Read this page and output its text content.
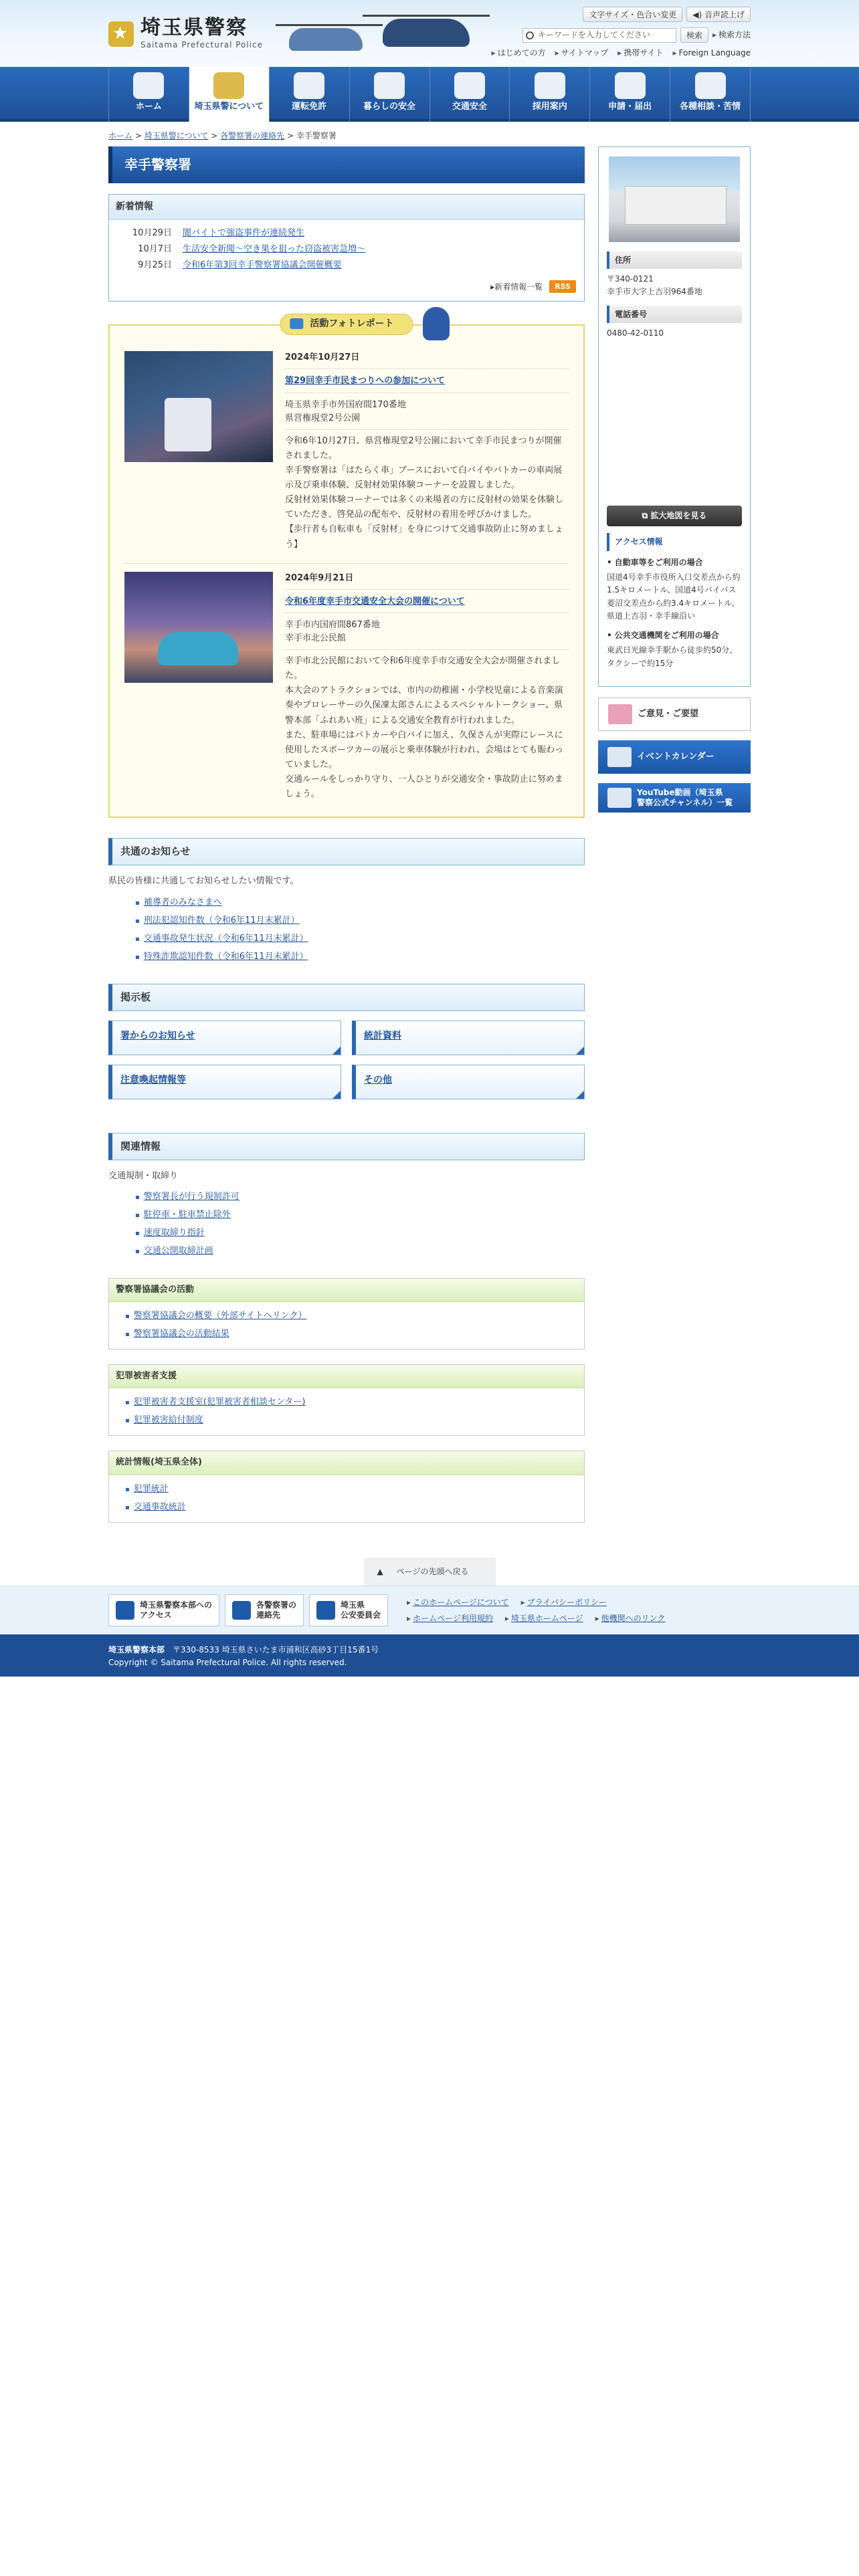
★
埼玉県警察
Saitama Prefectural Police
文字サイズ・色合い変更	◀) 音声読上げ
キーワードを入力してください	検索	▸ 検索方法
▸ はじめての方	▸ サイトマップ	▸ 携帯サイト	▸ Foreign Language
ホーム	埼玉県警について	運転免許	暮らしの安全	交通安全	採用案内	申請・届出	各種相談・苦情
ホーム > 埼玉県警について > 各警察署の連絡先 > 幸手警察署
幸手警察署
新着情報
10月29日 闇バイトで強盗事件が連続発生
10月7日 生活安全新聞〜空き巣を狙った窃盗被害急増〜
9月25日 令和6年第3回幸手警察署協議会開催概要
▸新着情報一覧	RSS
活動フォトレポート
2024年10月27日
第29回幸手市民まつりへの参加について
埼玉県幸手市外国府間170番地
県営権現堂2号公園

令和6年10月27日、県営権現堂2号公園において幸手市民まつりが開催されました。

幸手警察署は「はたらく車」ブースにおいて白バイやパトカーの車両展示及び乗車体験、反射材効果体験コーナーを設置しました。

反射材効果体験コーナーでは多くの来場者の方に反射材の効果を体験していただき、啓発品の配布や、反射材の着用を呼びかけました。

【歩行者も自転車も「反射材」を身につけて交通事故防止に努めましょう】

2024年9月21日
令和6年度幸手市交通安全大会の開催について
幸手市内国府間867番地
幸手市北公民館

幸手市北公民館において令和6年度幸手市交通安全大会が開催されました。

本大会のアトラクションでは、市内の幼稚園・小学校児童による音楽演奏やブロレーサーの久保凜太郎さんによるスペシャルトークショー、県警本部「ふれあい班」による交通安全教育が行われました。

また、駐車場にはパトカーや白バイに加え、久保さんが実際にレースに使用したスポーツカーの展示と乗車体験が行われ、会場はとても賑わっていました。

交通ルールをしっかり守り、一人ひとりが交通安全・事故防止に努めましょう。

共通のお知らせ

県民の皆様に共通してお知らせしたい情報です。

▪ 補導者のみなさまへ
▪ 刑法犯認知件数（令和6年11月末累計）
▪ 交通事故発生状況（令和6年11月末累計）
▪ 特殊詐欺認知件数（令和6年11月末累計）
掲示板
署からのお知らせ	統計資料
注意喚起情報等	その他
関連情報

交通規制・取締り

▪ 警察署長が行う規制許可
▪ 駐停車・駐車禁止除外
▪ 速度取締り指針
▪ 交通公開取締計画
警察署協議会の活動
▪ 警察署協議会の概要（外部サイトへリンク）
▪ 警察署協議会の活動結果
犯罪被害者支援
▪ 犯罪被害者支援室(犯罪被害者相談センター)
▪ 犯罪被害給付制度
統計情報(埼玉県全体)
▪ 犯罪統計
▪ 交通事故統計
住所
〒340-0121
幸手市大字上吉羽964番地
電話番号
0480-42-0110
⧉ 拡大地図を見る
アクセス情報
• 自動車等をご利用の場合
国道4号幸手市役所入口交差点から約1.5キロメートル、国道4号バイパス菱沼交差点から約3.4キロメートル、県道上吉羽・幸手線沿い
• 公共交通機関をご利用の場合
東武日光線幸手駅から徒歩約50分、タクシーで約15分
ご意見・ご要望
イベントカレンダー
YouTube動画（埼玉県
警察公式チャンネル）一覧
▲ ページの先頭へ戻る
埼玉県警察本部への
アクセス
各警察署の
連絡先
埼玉県
公安委員会
▸ このホームページについて ▸ プライバシーポリシー
▸ ホームページ利用規約 ▸ 埼玉県ホームページ ▸ 他機関へのリンク
埼玉県警察本部 〒330-8533 埼玉県さいたま市浦和区高砂3丁目15番1号
Copyright © Saitama Prefectural Police. All rights reserved.
